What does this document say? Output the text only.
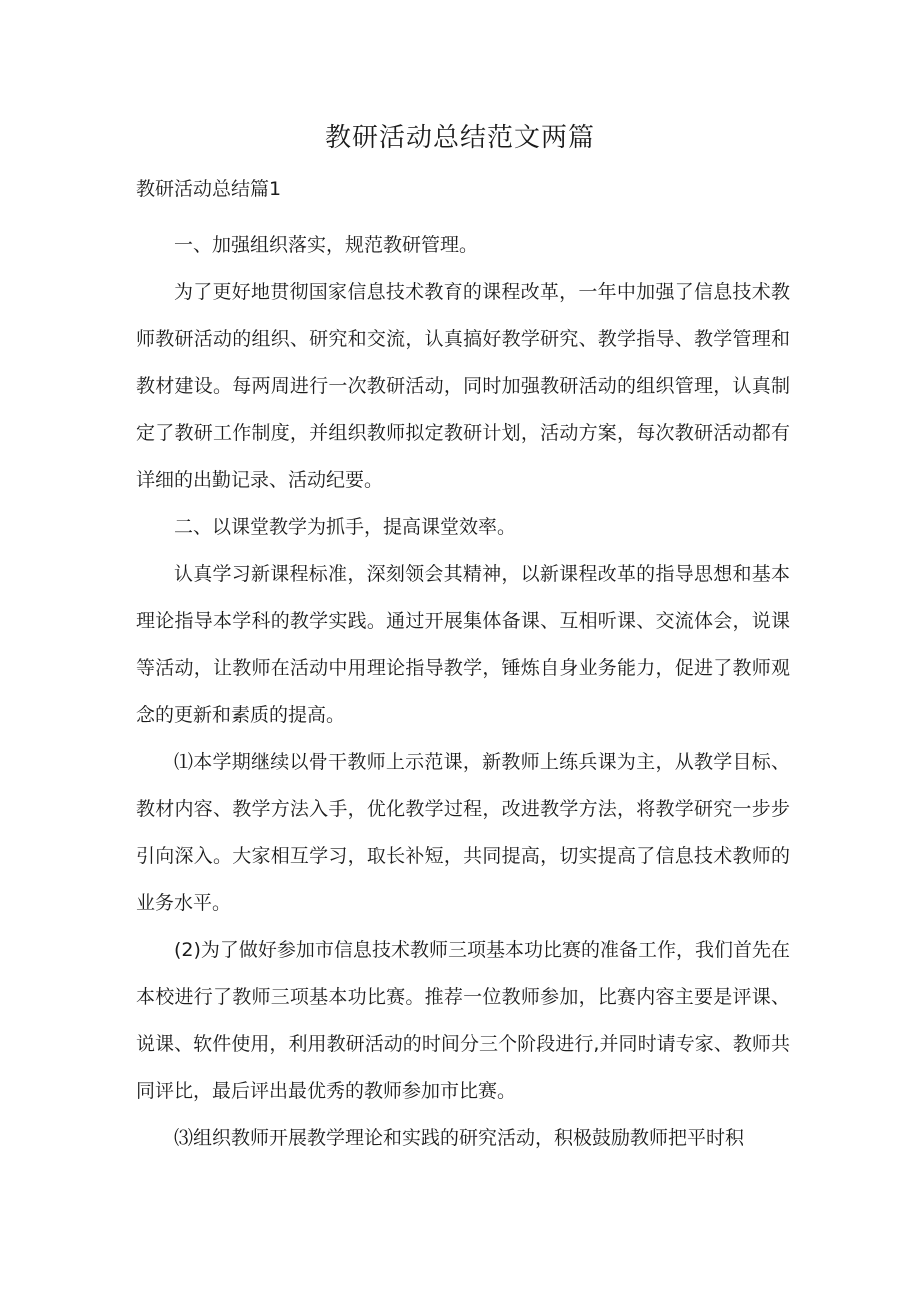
教研活动总结范文两篇
教研活动总结篇1

一、加强组织落实，规范教研管理。

为了更好地贯彻国家信息技术教育的课程改革，一年中加强了信息技术教师教研活动的组织、研究和交流，认真搞好教学研究、教学指导、教学管理和教材建设。每两周进行一次教研活动，同时加强教研活动的组织管理，认真制定了教研工作制度，并组织教师拟定教研计划，活动方案，每次教研活动都有详细的出勤记录、活动纪要。

二、以课堂教学为抓手，提高课堂效率。

认真学习新课程标准，深刻领会其精神，以新课程改革的指导思想和基本理论指导本学科的教学实践。通过开展集体备课、互相听课、交流体会，说课等活动，让教师在活动中用理论指导教学，锤炼自身业务能力，促进了教师观念的更新和素质的提高。

⑴本学期继续以骨干教师上示范课，新教师上练兵课为主，从教学目标、教材内容、教学方法入手，优化教学过程，改进教学方法，将教学研究一步步引向深入。大家相互学习，取长补短，共同提高，切实提高了信息技术教师的业务水平。

(2)为了做好参加市信息技术教师三项基本功比赛的准备工作，我们首先在本校进行了教师三项基本功比赛。推荐一位教师参加，比赛内容主要是评课、说课、软件使用，利用教研活动的时间分三个阶段进行,并同时请专家、教师共同评比，最后评出最优秀的教师参加市比赛。

⑶组织教师开展教学理论和实践的研究活动，积极鼓励教师把平时积
